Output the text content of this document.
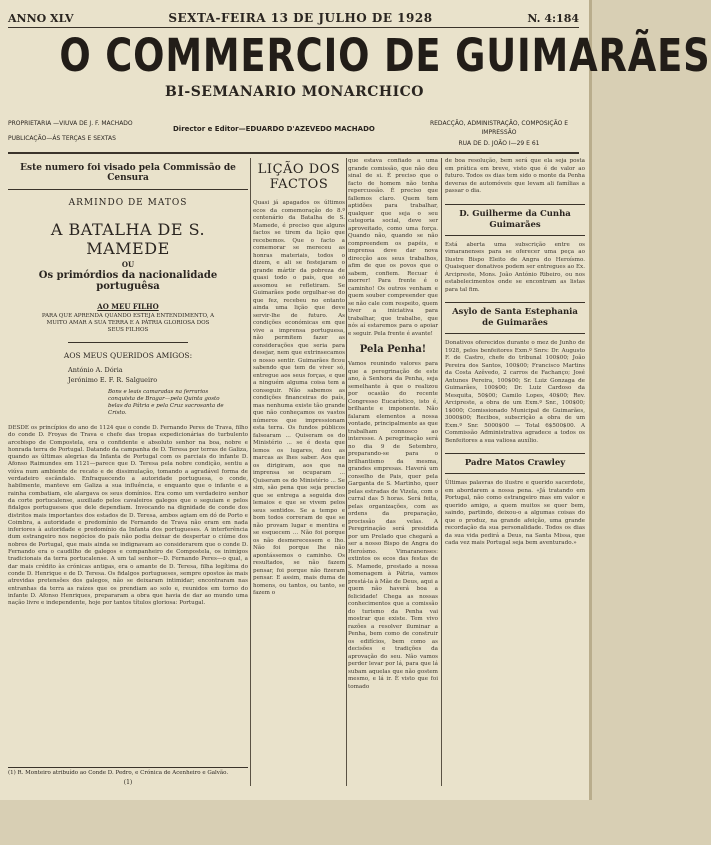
ANNO XLV	SEXTA-FEIRA 13 DE JULHO DE 1928	N. 4:184
O COMMERCIO DE GUIMARÃES
BI-SEMANARIO MONARCHICO
PROPRIETARIA —VIUVA DE J. F. MACHADO
PUBLICAÇÃO—ÁS TERÇAS E SEXTAS
Director e Editor—EDUARDO D'AZEVEDO MACHADO
REDACÇÃO, ADMINISTRAÇÃO, COMPOSIÇÃO E IMPRESSÃO
RUA DE D. JOÃO I—29 E 61
Este numero foi visado pela Commissão de Censura
ARMINDO DE MATOS
A BATALHA DE S. MAMEDE
OU
Os primórdios da nacionalidade portuguêsa
AO MEU FILHO
PARA QUE APRENDA QUANDO ESTEJA ENTENDIMENTO, A MUITO AMAR A SUA TERRA E A PÁTRIA GLORIOSA DOS SEUS FILHOS
AOS MEUS QUERIDOS AMIGOS:
António A. Dória
Jerónimo E. F. R. Salgueiro
Bons e leais camaradas na ferrarios conquista de Bragar—pela Quinta gosto belas da Pátria e pela Cruz sacrosanta de Cristo.
DESDE os princípios do ano de 1124 que o conde D. Fernando Peres de Trava, filho do conde D. Froyas de Trava e chefe das tropas expedicionárias do turbulento arcebispo de Compostela, era o confidente e absoluto senhor na boa, nobre e honrada terra de Portugal. Datando da campanha de D. Teresa por terras de Galiza, quando as últimas alegrias da Infanta de Portugal com os parciais do infante D. Afonso Raimundes em 1121—parece que D. Teresa pela nobre condição, sentiu a viúva num ambiente de recato e de dissimulação, tomando a agradável forma de verdadeiro escândalo. Enfraquecendo a autoridade portuguesa, o conde, habilmente, manteve em Galiza a sua influência, e enquanto que o infante e a rainha combatiam, ele alargava os seus domínios. Era como um verdadeiro senhor da corte portucalense, auxiliado pelos cavaleiros galegos que o seguiam e pelos fidalgos portugueses que dele dependiam. Invocando na dignidade de conde dos distritos mais importantes dos estados de D. Teresa, ambos agiam em dó de Porto e Coimbra, a autoridade e predomínio de Fernando de Trava não eram em nada inferiores à autoridade e predomínio da Infanta dos portugueses. A interferência dum estrangeiro nos negócios do país não podia deixar de despertar o ciúme dos nobres de Portugal, que mais ainda se indignavam ao considerarem que o conde D. Fernando era o caudilho de galegos e companheiro de Compostela, os inimigos tradicionais da terra portucalense. A um tal senhor—D. Fernando Peres—o qual, a dar mais crédito às crónicas antigas, era o amante de D. Teresa, filha legítima do conde D. Henrique e de D. Teresa. Os fidalgos portugueses, sempre opostos às mais atrevidas pretensões dos galegos, não se deixaram intimidar; encontraram nas entranhas da terra as raízes que os prendiam ao solo e, reunidos em torno do infante D. Afonso Henriques, prepararam a obra que havia de dar ao mundo uma nação livre e independente, hoje por tantos títulos gloriosa: Portugal.
(1) R. Monteiro atribuído ao Conde D. Pedro, e Crónica de Acenheiro e Galvão.
(1)
LIÇÃO DOS FACTOS
Quasi já apagados os últimos ecos da comemoração do 8.º centenário da Batalha de S. Mamede, é preciso que alguns factos se tirem da lição que recebemos. Que o facto a comemorar se mereceu as honras materiais, todos o dizem, e ali se festejaram o grande mártir da pobreza de quasi todo o país, que só assomou se refletiram. Se Guimarães pode orgulhar-se do que fez, recebeu no entanto ainda uma lição que deve servir-lhe de futuro. As condições económicas em que vive a imprensa portuguesa, não permitem fazer as considerações que seria para desejar, nem que extrinsecamos o nosso sentir. Guimarães ficou sabendo que tem de viver só, entregue aos seus forças, e que a ninguém alguma coisa tem a conseguir. Não sabemos as condições financeiras do país, mas nenhuma existe tão grande que não conheçamos os vastos números que impressionam esta terra. Os fundos públicos falsearam ... Quiseram os do Ministério ... se é desta que lemos os lugares, deu as marcas as lhes saber. Aos que os dirigiram, aos que na imprensa se ocuparam ... Quiseram os do Ministério ... Se sim, são pena que seja preciso que se entrega a seguida dos lemaios e que se vivem pelos seus sentidos. Se a tempo e bom todos correram de que se não provam lugar e mentira e se esquecem ... Não foi porque os não desmerecessem e lho. Não foi porque lhe não apontássemos o caminho. Os resultados, se não fazem pensar, foi porque não fizeram pensar. E assim, mais duma de homens, ou tantos, ou tanto, se fazem o
que estava confiado a uma grande comissão, que não deu sinal de si. É preciso que o facto de homem não tenha repercussão. É preciso que fallemos claro. Quem tem aptidões para trabalhar, qualquer que seja o seu categoria social, deve ser aproveitado, como uma força. Quando não, quando se não compreendem os papéis, e imprensa deve dar nova direcção aos seus trabalhos, afim de que os povos que o sabem, confiem. Recuar é morrer! Para frente é o caminho! Os outros venham e quem souber compreender que se não cale com respeito, quem tiver a iniciativa para trabalhar, que trabalhe, que nós aí estaremos para o apoiar e seguir. Pela frente é avante!
Pela Penha!
Vamos reunindo valores para que a peregrinação de este ano, à Senhora da Penha, seja semelhante à que o realizou por ocasião do recente Congresso Eucarístico, isto é, brilhante e imponente. Não falaram elementos a nossa vontade, principalmente as que trabalham connosco ao interesse. A peregrinação será no dia 9 de Setembro, preparando-se para o brilhantismo da mesma, grandes empresas. Haverá um conselho de Pais, quer pela Garganta de S. Martinho, quer pelas estradas de Vizela, com o curral das 5 horas. Será feita, pelas organizações, com as ordens da preparação, procissão das velas. A Peregrinação será presidida por um Prelado que chegará a ser a nosso Bispo de Angra do Heroísmo. Vimaranenses: extintos os ecos das festas de S. Mamede, prestado a nossa homenagem à Pátria, vamos prestá-la à Mãe de Deus, aqui a quem não haverá boa a felicidade! Chega as nossas conhecimentos que a comissão do turismo da Penha vai mostrar que existe. Tem vivo razões a resolver iluminar a Penha, bem como de construir os edifícios, bem como as decisões e tradições da aprovação do seu. Não vamos perder levar por lá, para que lá subam aquelas que não gostem mesmo, e lá ir. É visto que foi tomado
de boa resolução, bem será que ela seja posta em prática em breve, visto que é de valor ao futuro. Todos os dias tem sido o monte da Penha deveras de automóveis que levam ali famílias a passar o dia.
D. Guilherme da Cunha Guimarães
Está aberta uma subscrição entre os vimaranenses para se oferecer uma peça ao Ilustre Bispo Eleito de Angra do Heroísmo. Quaisquer donativos podem ser entregues ao Ex. Arcipreste, Mons. João António Ribeiro, ou nos estabelecimentos onde se encontram as listas para tal fim.
Asylo de Santa Estephania de Guimarães
Donativos oferecidos durante o mez de Junho de 1928, pelos benfeitores Exm.º Snrs: Dr. Augusto F. de Castro, chefe do tribunal 100$00; João Pereira dos Santos, 100$00; Francisco Martins da Costa Azêvedo, 2 carros de Fachanço; José Antunes Pereira, 100$00; Sr. Luiz Gonzaga de Guimarães, 100$00; Dr. Luiz Cardoso da Mesquita, 50$00; Camilo Lopes, 40$00; Rev. Arcipreste, a obra de um Exm.º Snr., 100$00; 1$000; Comissionado Municipal de Guimarães, 3000$00; Recibos, subscrição a obra de um Exm.º Snr. 5000$00 — Total 6$500$00. A Commissão Administrativa agradece a todos os Benfeitores a sua valiosa auxílio.
Padre Matos Crawley
Últimas palavras do ilustre e querido sacerdote, em abordarem a nossa pena. «Já tratando em Portugal, não como estrangeiro mas em valor e querido amigo, a quem muitos se quer bem, saindo, partindo, deixou-o a algumas coisas do que o produz, na grande afeição, uma grande recordação da sua personalidade. Todos os dias da sua vida pedirá a Deus, na Santa Missa, que cada vez mais Portugal seja bem aventurado.»
